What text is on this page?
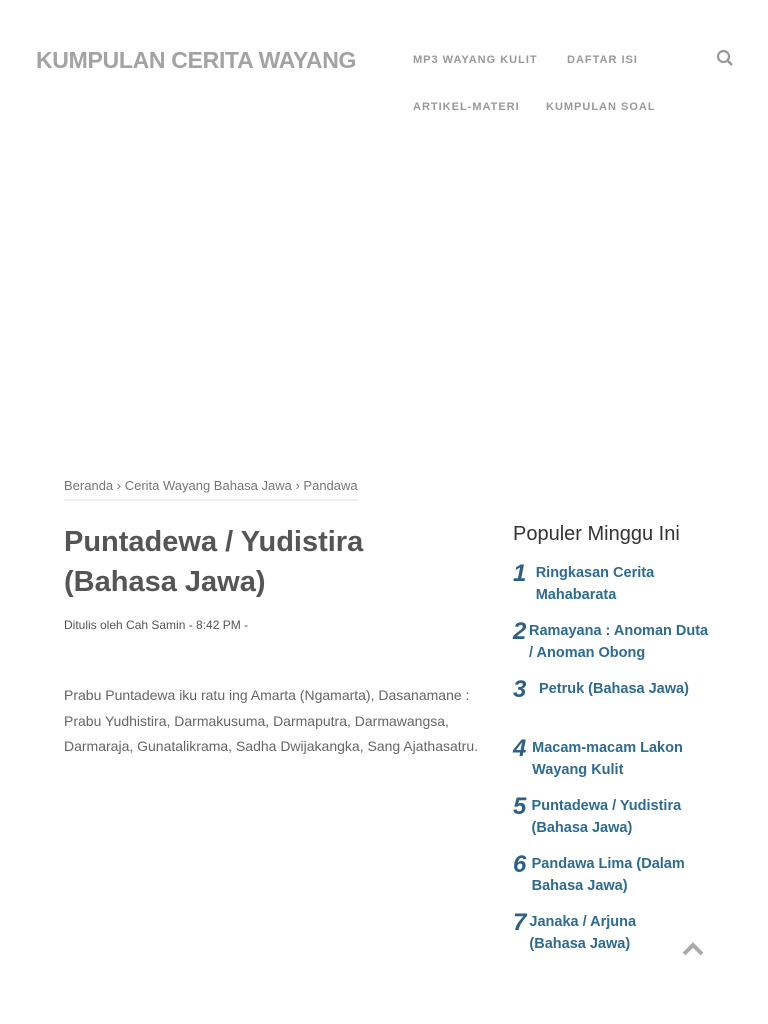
KUMPULAN CERITA WAYANG	MP3 WAYANG KULIT	DAFTAR ISI
ARTIKEL-MATERI KUMPULAN SOAL
Beranda › Cerita Wayang Bahasa Jawa › Pandawa
Puntadewa / Yudistira (Bahasa Jawa)
Ditulis oleh Cah Samin - 8:42 PM -

Prabu Puntadewa iku ratu ing Amarta (Ngamarta), Dasanamane : Prabu Yudhistira, Darmakusuma, Darmaputra, Darmawangsa, Darmaraja, Gunatalikrama, Sadha Dwijakangka, Sang Ajathasatru.

Populer Minggu Ini
1 Ringkasan Cerita Mahabarata
2 Ramayana : Anoman Duta / Anoman Obong
3 Petruk (Bahasa Jawa)
4 Macam-macam Lakon Wayang Kulit
5 Puntadewa / Yudistira (Bahasa Jawa)
6 Pandawa Lima (Dalam Bahasa Jawa)
7 Janaka / Arjuna (Bahasa Jawa)
